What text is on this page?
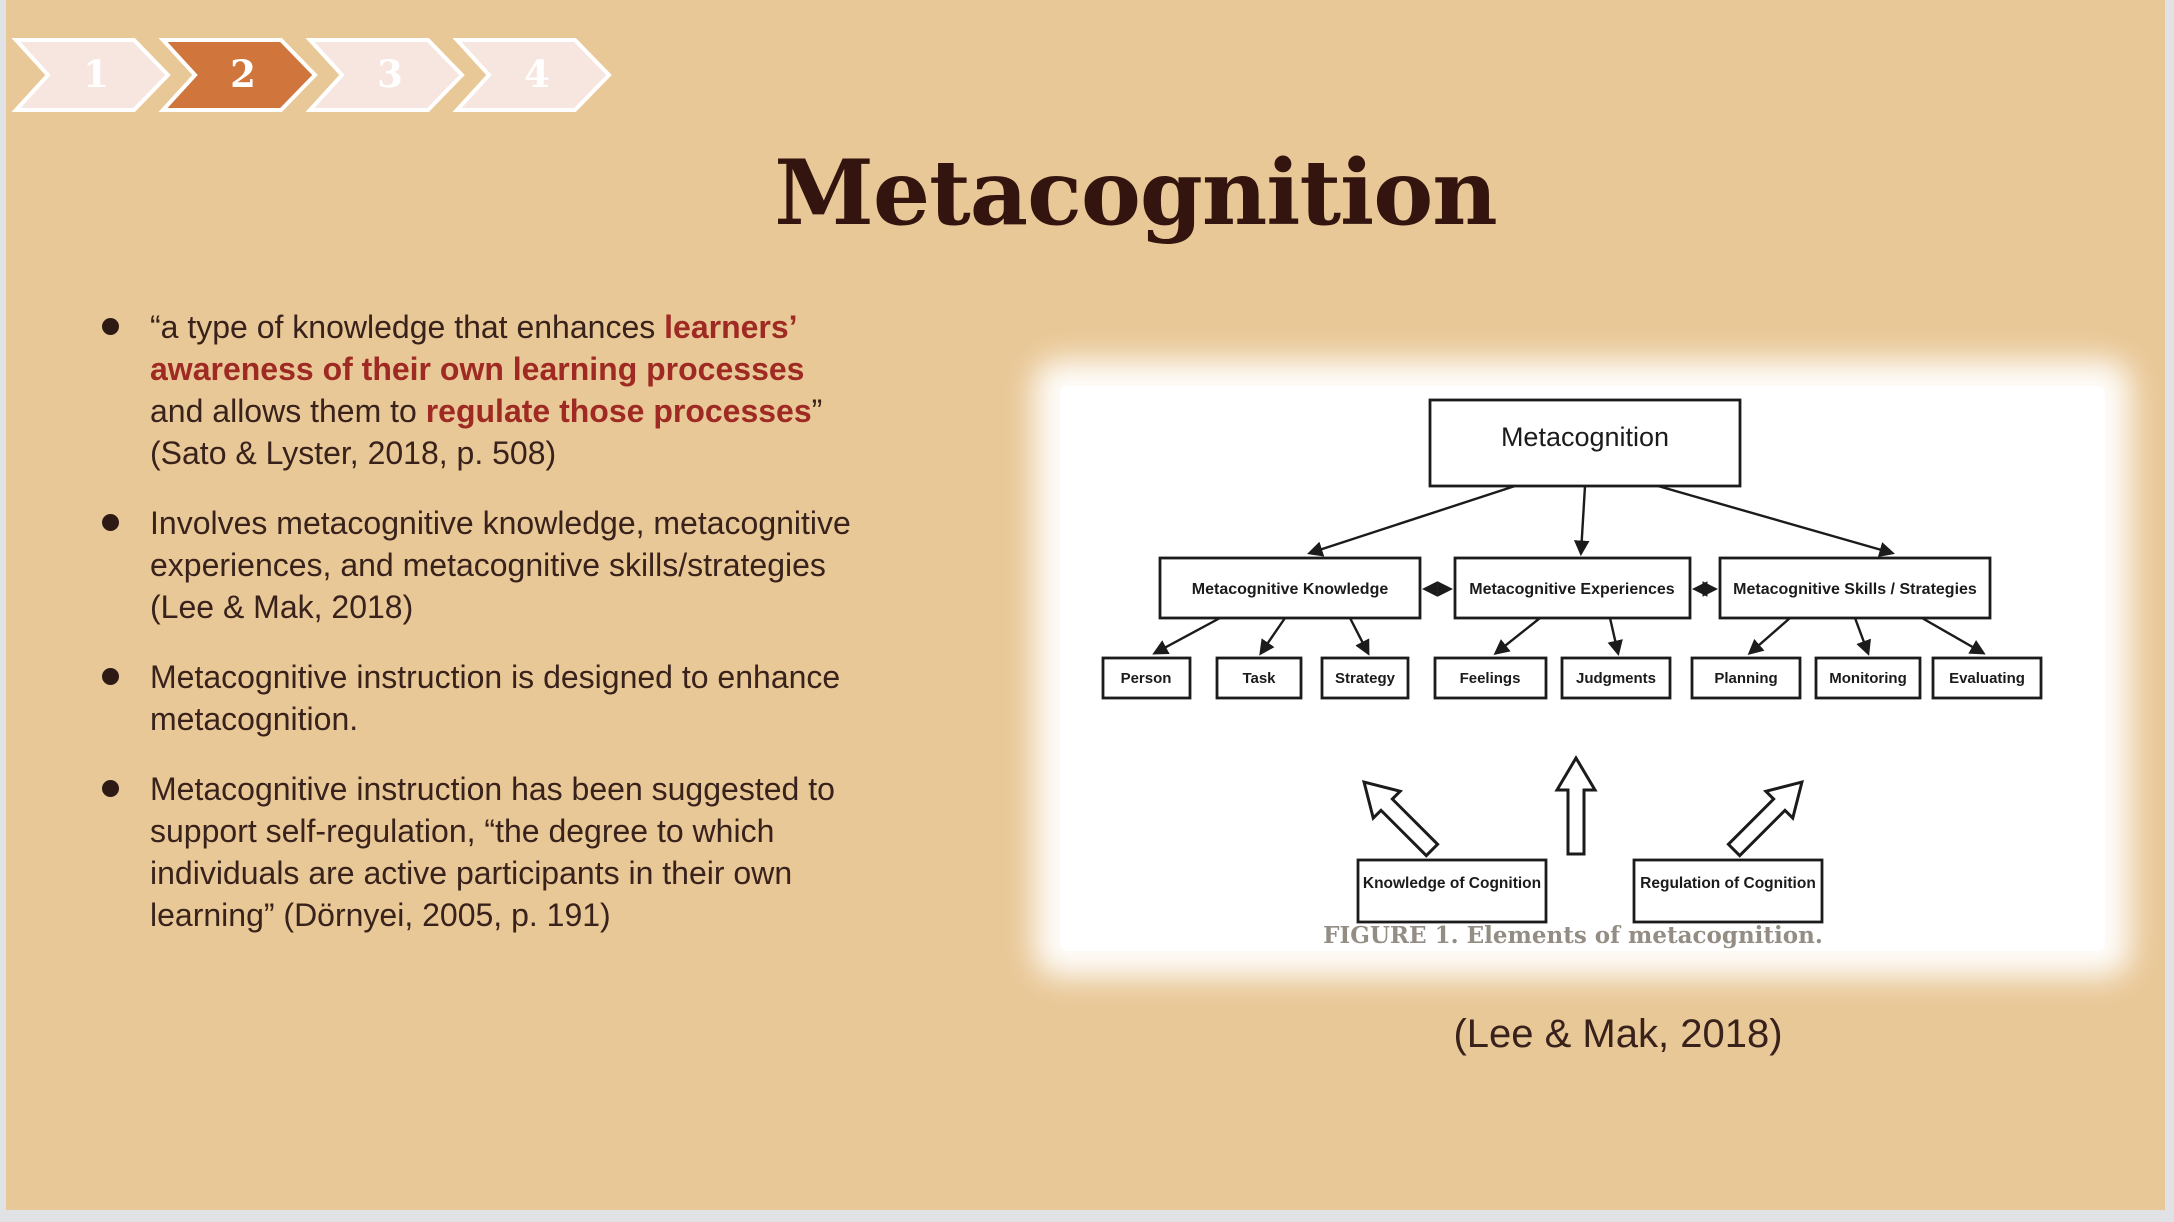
1	2	3	4
Metacognition
“a type of knowledge that enhances learners’ awareness of their own learning processes and allows them to regulate those processes” (Sato & Lyster, 2018, p. 508)
Involves metacognitive knowledge, metacognitive experiences, and metacognitive skills/strategies (Lee & Mak, 2018)
Metacognitive instruction is designed to enhance metacognition.
Metacognitive instruction has been suggested to support self-regulation, “the degree to which individuals are active participants in their own learning” (Dörnyei, 2005, p. 191)
Metacognition
Metacognitive Knowledge	Metacognitive Experiences	Metacognitive Skills / Strategies
Person	Task	Strategy	Feelings	Judgments	Planning	Monitoring	Evaluating
Knowledge of Cognition	Regulation of Cognition
FIGURE 1. Elements of metacognition.
(Lee & Mak, 2018)
